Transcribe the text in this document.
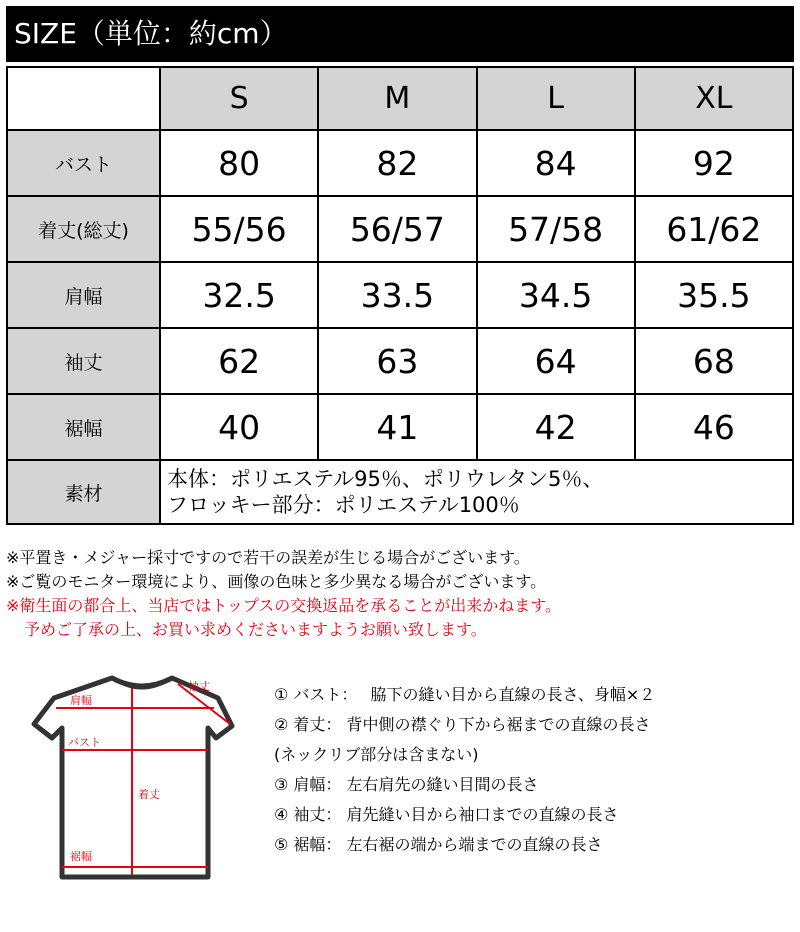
SIZE（単位：約cm）
	S	M	L	XL
バスト	80	82	84	92
着丈(総丈)	55/56	56/57	57/58	61/62
肩幅	32.5	33.5	34.5	35.5
袖丈	62	63	64	68
裾幅	40	41	42	46
素材	本体：ポリエステル95％、ポリウレタン5％、
フロッキー部分：ポリエステル100％			
※平置き・メジャー採寸ですので若干の誤差が生じる場合がございます。
※ご覧のモニター環境により、画像の色味と多少異なる場合がございます。
※衛生面の都合上、当店ではトップスの交換返品を承ることが出来かねます。
予めご了承の上、お買い求めくださいますようお願い致します。
肩幅
袖丈
バスト
着丈
裾幅
① バスト：　 脇下の縫い目から直線の長さ、身幅×２
② 着丈： 背中側の襟ぐり下から裾までの直線の長さ
(ネックリブ部分は含まない)
③ 肩幅： 左右肩先の縫い目間の長さ
④ 袖丈： 肩先縫い目から袖口までの直線の長さ
⑤ 裾幅： 左右裾の端から端までの直線の長さ
